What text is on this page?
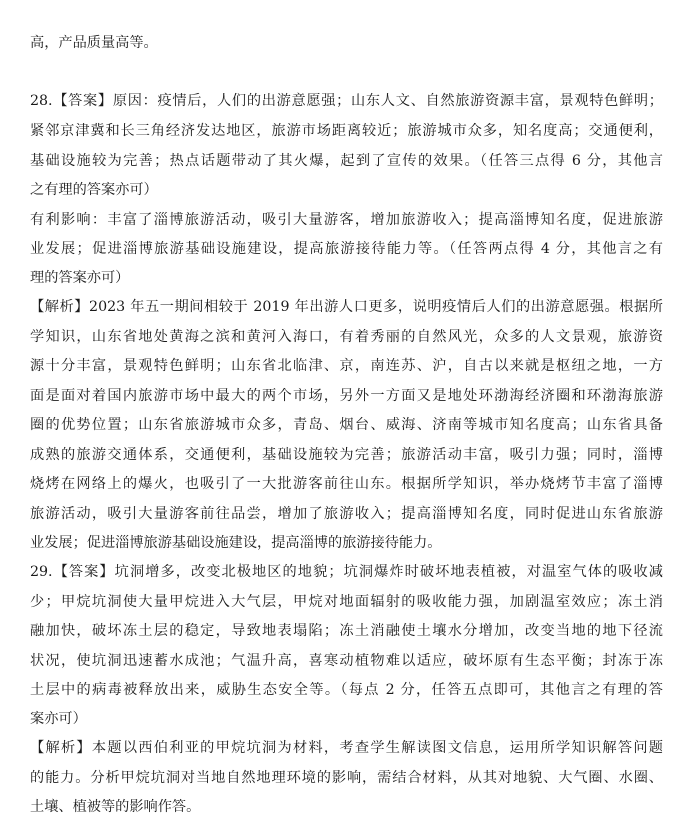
高，产品质量高等。
28.【答案】原因：疫情后，人们的出游意愿强；山东人文、自然旅游资源丰富，景观特色鲜明；
紧邻京津冀和长三角经济发达地区，旅游市场距离较近；旅游城市众多，知名度高；交通便利，
基础设施较为完善；热点话题带动了其火爆，起到了宣传的效果。（任答三点得 6 分，其他言
之有理的答案亦可）
有利影响：丰富了淄博旅游活动，吸引大量游客，增加旅游收入；提高淄博知名度，促进旅游
业发展；促进淄博旅游基础设施建设，提高旅游接待能力等。（任答两点得 4 分，其他言之有
理的答案亦可）
【解析】2023 年五一期间相较于 2019 年出游人口更多，说明疫情后人们的出游意愿强。根据所
学知识，山东省地处黄海之滨和黄河入海口，有着秀丽的自然风光，众多的人文景观，旅游资
源十分丰富，景观特色鲜明；山东省北临津、京，南连苏、沪，自古以来就是枢纽之地，一方
面是面对着国内旅游市场中最大的两个市场，另外一方面又是地处环渤海经济圈和环渤海旅游
圈的优势位置；山东省旅游城市众多，青岛、烟台、威海、济南等城市知名度高；山东省具备
成熟的旅游交通体系，交通便利，基础设施较为完善；旅游活动丰富，吸引力强；同时，淄博
烧烤在网络上的爆火，也吸引了一大批游客前往山东。根据所学知识，举办烧烤节丰富了淄博
旅游活动，吸引大量游客前往品尝，增加了旅游收入；提高淄博知名度，同时促进山东省旅游
业发展；促进淄博旅游基础设施建设，提高淄博的旅游接待能力。
29.【答案】坑洞增多，改变北极地区的地貌；坑洞爆炸时破坏地表植被，对温室气体的吸收减
少；甲烷坑洞使大量甲烷进入大气层，甲烷对地面辐射的吸收能力强，加剧温室效应；冻土消
融加快，破坏冻土层的稳定，导致地表塌陷；冻土消融使土壤水分增加，改变当地的地下径流
状况，使坑洞迅速蓄水成池；气温升高，喜寒动植物难以适应，破坏原有生态平衡；封冻于冻
土层中的病毒被释放出来，威胁生态安全等。（每点 2 分，任答五点即可，其他言之有理的答
案亦可）
【解析】本题以西伯利亚的甲烷坑洞为材料，考查学生解读图文信息，运用所学知识解答问题
的能力。分析甲烷坑洞对当地自然地理环境的影响，需结合材料，从其对地貌、大气圈、水圈、
土壤、植被等的影响作答。
